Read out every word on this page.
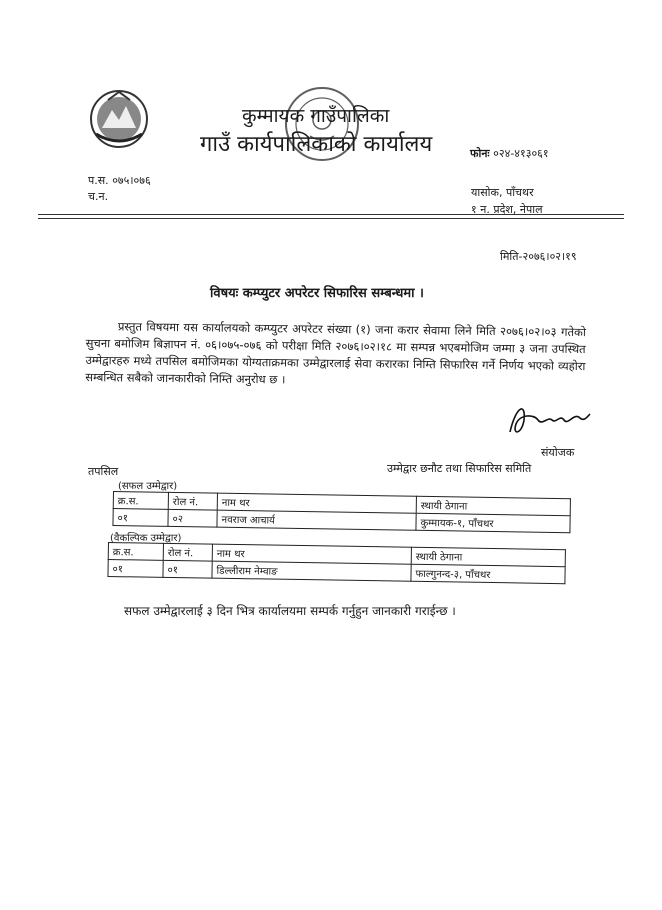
कुम्मायक गाउँपालिका
गाउँ कार्यपालिकाको कार्यालय	फोनः ०२४-४१३०६१
प.स. ०७५।०७६
च.न.	यासोक, पाँचथर
१ न. प्रदेश, नेपाल
मिति-२०७६।०२।१९
विषयः कम्प्युटर अपरेटर सिफारिस सम्बन्धमा ।

प्रस्तुत विषयमा यस कार्यालयको कम्प्युटर अपरेटर संख्या (१) जना करार सेवामा लिने मिति २०७६।०२।०३ गतेको सुचना बमोजिम बिज्ञापन नं. ०६।०७५-०७६ को परीक्षा मिति २०७६।०२।१८ मा सम्पन्न भएबमोजिम जम्मा ३ जना उपस्थित उम्मेद्वारहरु मध्ये तपसिल बमोजिमका योग्यताक्रमका उम्मेद्वारलाई सेवा करारका निम्ति सिफारिस गर्ने निर्णय भएको व्यहोरा सम्बन्धित सबैको जानकारीको निम्ति अनुरोध छ ।

deepak
संयोजक
उम्मेद्वार छनौट तथा सिफारिस समिति
तपसिल
(सफल उम्मेद्वार)
क्र.स.	रोल नं.	नाम थर	स्थायी ठेगाना
०१	०२	नवराज आचार्य	कुम्मायक-१, पाँचथर
(वैकल्पिक उम्मेद्वार)
क्र.स.	रोल नं.	नाम थर	स्थायी ठेगाना
०१	०१	डिल्लीराम नेम्वाङ	फाल्गुनन्द-३, पाँचथर
सफल उम्मेद्वारलाई ३ दिन भित्र कार्यालयमा सम्पर्क गर्नुहुन जानकारी गराईन्छ ।
